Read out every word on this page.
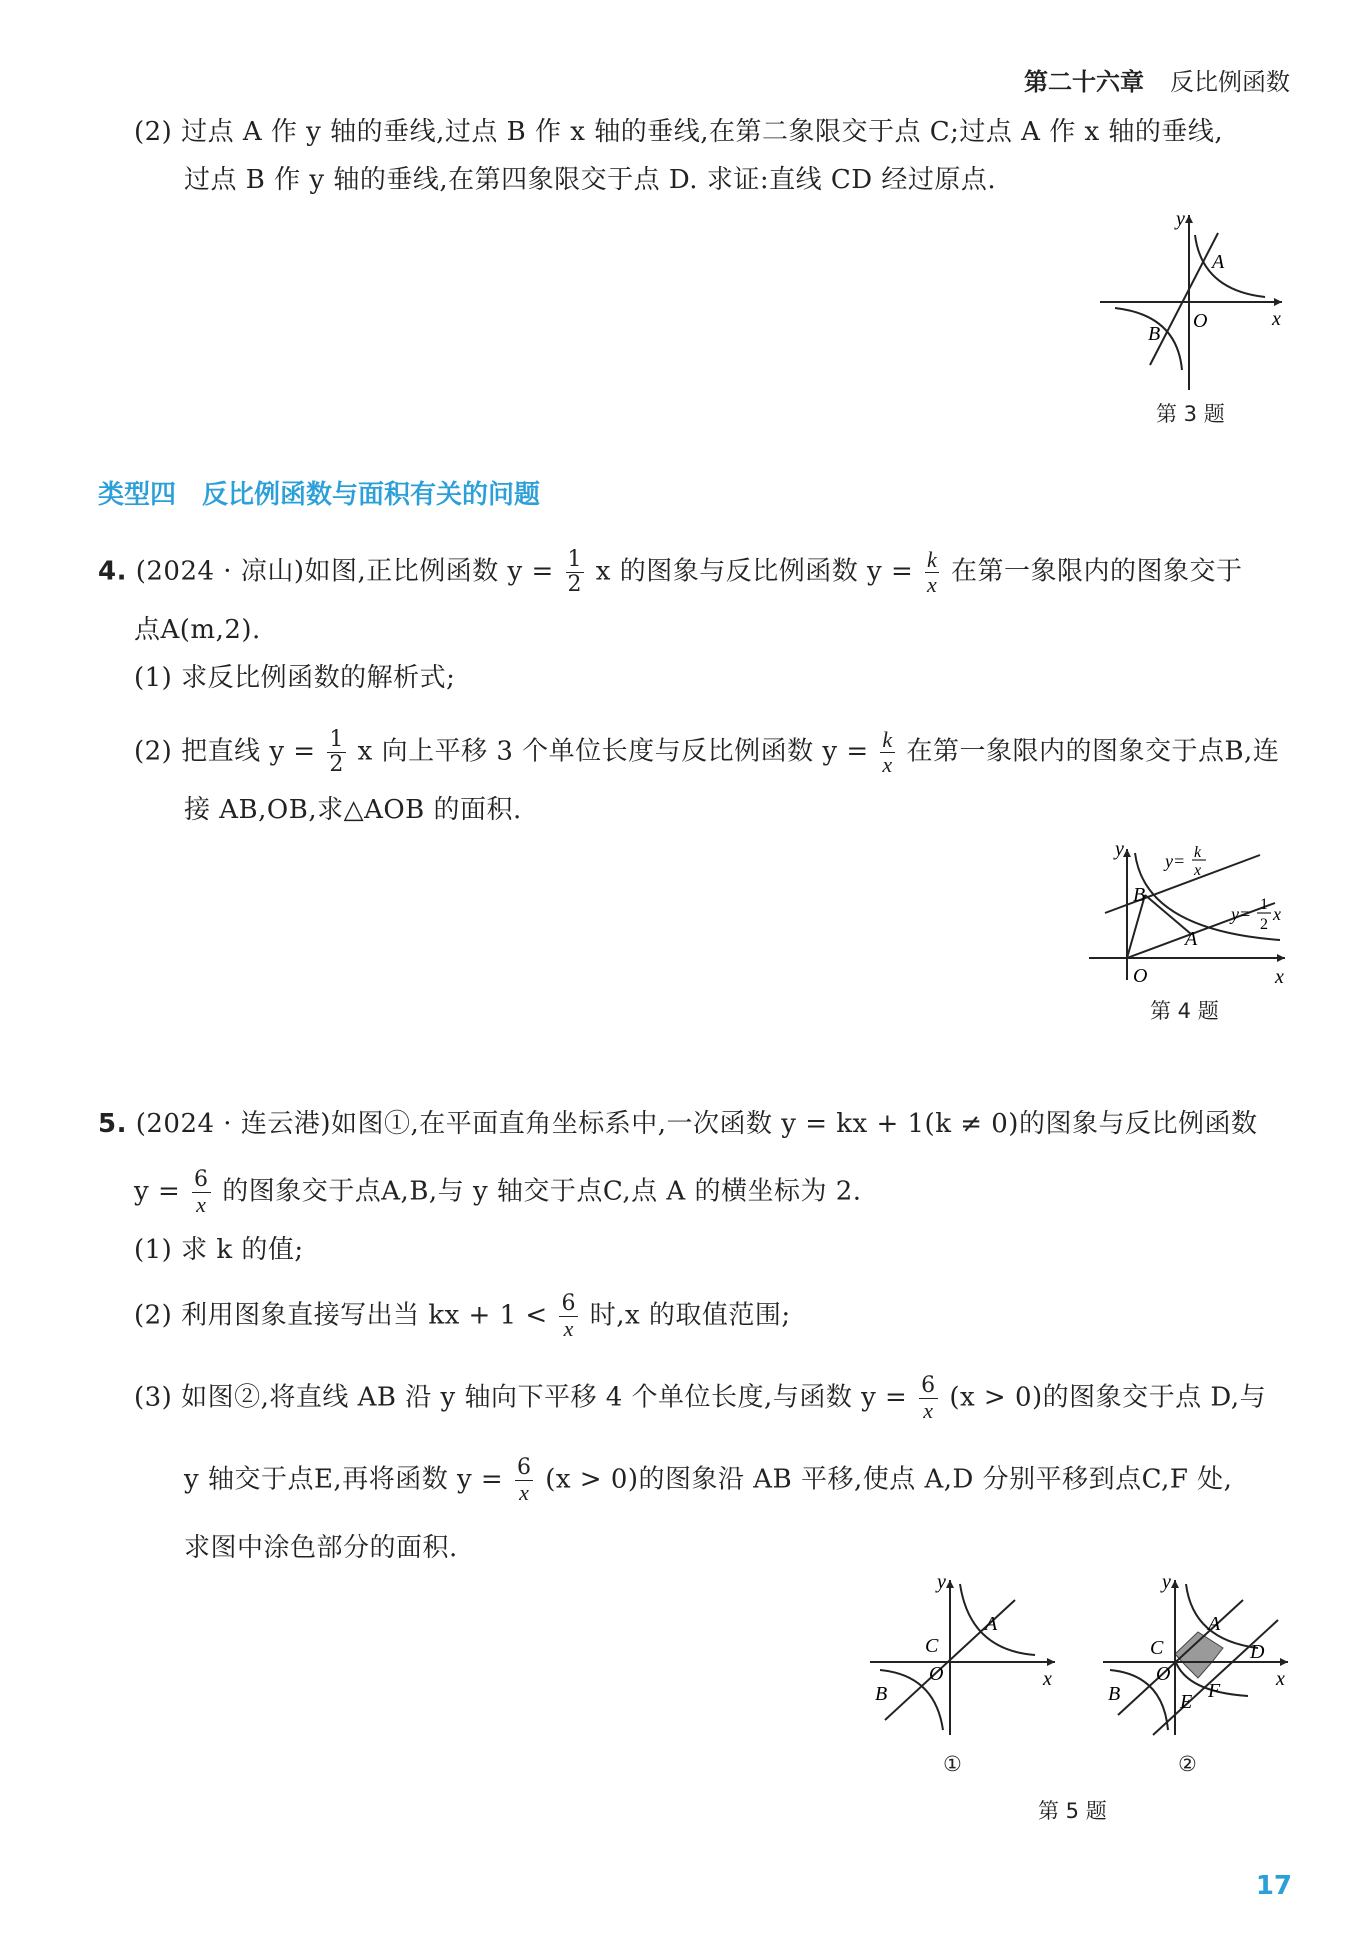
第二十六章 反比例函数
(2) 过点 A 作 y 轴的垂线,过点 B 作 x 轴的垂线,在第二象限交于点 C;过点 A 作 x 轴的垂线,
过点 B 作 y 轴的垂线,在第四象限交于点 D. 求证:直线 CD 经过原点.
y
x
O
A
B
第 3 题
类型四 反比例函数与面积有关的问题
4. (2024 · 凉山)如图,正比例函数 $y = \frac{1}{2}$ x 的图象与反比例函数 $y = \frac{k}{x}$ 在第一象限内的图象交于
点A(m,2).
(1) 求反比例函数的解析式;
(2) 把直线 $y = \frac{1}{2}$ x 向上平移 3 个单位长度与反比例函数 $y = \frac{k}{x}$ 在第一象限内的图象交于点B,连
接 AB,OB,求△AOB 的面积.
y
x
O
A
B
y= k
x
y= 1
2
x
第 4 题
5. (2024 · 连云港)如图①,在平面直角坐标系中,一次函数 y = kx + 1(k ≠ 0)的图象与反比例函数
$y = \frac{6}{x}$ 的图象交于点A,B,与 y 轴交于点C,点 A 的横坐标为 2.
(1) 求 k 的值;
(2) 利用图象直接写出当 kx + $1 < \frac{6}{x}$ 时,x 的取值范围;
(3) 如图②,将直线 AB 沿 y 轴向下平移 4 个单位长度,与函数 $y = \frac{6}{x} (x > 0)$的图象交于点 D,与
y 轴交于点E,再将函数 $y = \frac{6}{x} (x > 0)$的图象沿 AB 平移,使点 A,D 分别平移到点C,F 处,
求图中涂色部分的面积.
y
x
O
A
B
C
①
y
x
O
A
B
C	D
E F
②
第 5 题
17
